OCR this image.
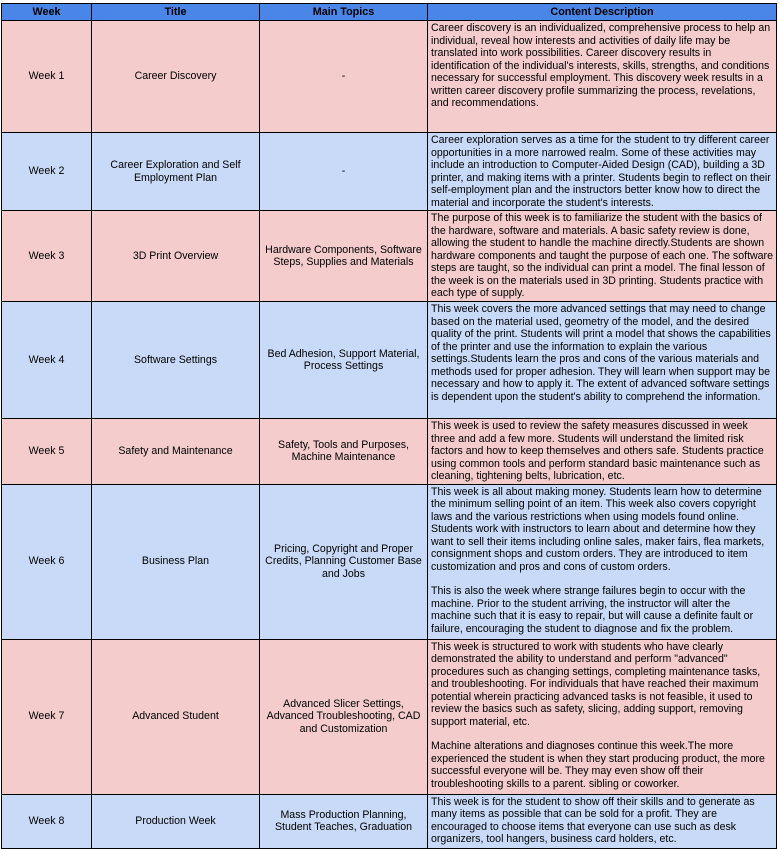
Week	Title	Main Topics	Content Description
Week 1	Career Discovery	-	Career discovery is an individualized, comprehensive process to help an individual, reveal how interests and activities of daily life may be translated into work possibilities. Career discovery results in identification of the individual's interests, skills, strengths, and conditions necessary for successful employment. This discovery week results in a written career discovery profile summarizing the process, revelations, and recommendations.

Week 2	Career Exploration and Self Employment Plan	-	Career exploration serves as a time for the student to try different career opportunities in a more narrowed realm. Some of these activities may include an introduction to Computer-Aided Design (CAD), building a 3D printer, and making items with a printer. Students begin to reflect on their self-employment plan and the instructors better know how to direct the material and incorporate the student's interests.

Week 3	3D Print Overview	Hardware Components, Software Steps, Supplies and Materials	The purpose of this week is to familiarize the student with the basics of the hardware, software and materials. A basic safety review is done, allowing the student to handle the machine directly.Students are shown hardware components and taught the purpose of each one. The software steps are taught, so the individual can print a model. The final lesson of the week is on the materials used in 3D printing. Students practice with each type of supply.

Week 4	Software Settings	Bed Adhesion, Support Material, Process Settings	This week covers the more advanced settings that may need to change based on the material used, geometry of the model, and the desired quality of the print. Students will print a model that shows the capabilities of the printer and use the information to explain the various settings.Students learn the pros and cons of the various materials and methods used for proper adhesion. They will learn when support may be necessary and how to apply it. The extent of advanced software settings is dependent upon the student's ability to comprehend the information.

Week 5	Safety and Maintenance	Safety, Tools and Purposes, Machine Maintenance	This week is used to review the safety measures discussed in week three and add a few more. Students will understand the limited risk factors and how to keep themselves and others safe. Students practice using common tools and perform standard basic maintenance such as cleaning, tightening belts, lubrication, etc.

Week 6	Business Plan	Pricing, Copyright and Proper Credits, Planning Customer Base and Jobs	This week is all about making money. Students learn how to determine the minimum selling point of an item. This week also covers copyright laws and the various restrictions when using models found online. Students work with instructors to learn about and determine how they want to sell their items including online sales, maker fairs, flea markets, consignment shops and custom orders. They are introduced to item customization and pros and cons of custom orders.
This is also the week where strange failures begin to occur with the machine. Prior to the student arriving, the instructor will alter the machine such that it is easy to repair, but will cause a definite fault or failure, encouraging the student to diagnose and fix the problem.

Week 7	Advanced Student	Advanced Slicer Settings, Advanced Troubleshooting, CAD and Customization	This week is structured to work with students who have clearly demonstrated the ability to understand and perform "advanced" procedures such as changing settings, completing maintenance tasks, and troubleshooting. For individuals that have reached their maximum potential wherein practicing advanced tasks is not feasible, it used to review the basics such as safety, slicing, adding support, removing support material, etc.
Machine alterations and diagnoses continue this week.The more experienced the student is when they start producing product, the more successful everyone will be. They may even show off their troubleshooting skills to a parent. sibling or coworker.

Week 8	Production Week	Mass Production Planning, Student Teaches, Graduation	This week is for the student to show off their skills and to generate as many items as possible that can be sold for a profit. They are encouraged to choose items that everyone can use such as desk organizers, tool hangers, business card holders, etc.
